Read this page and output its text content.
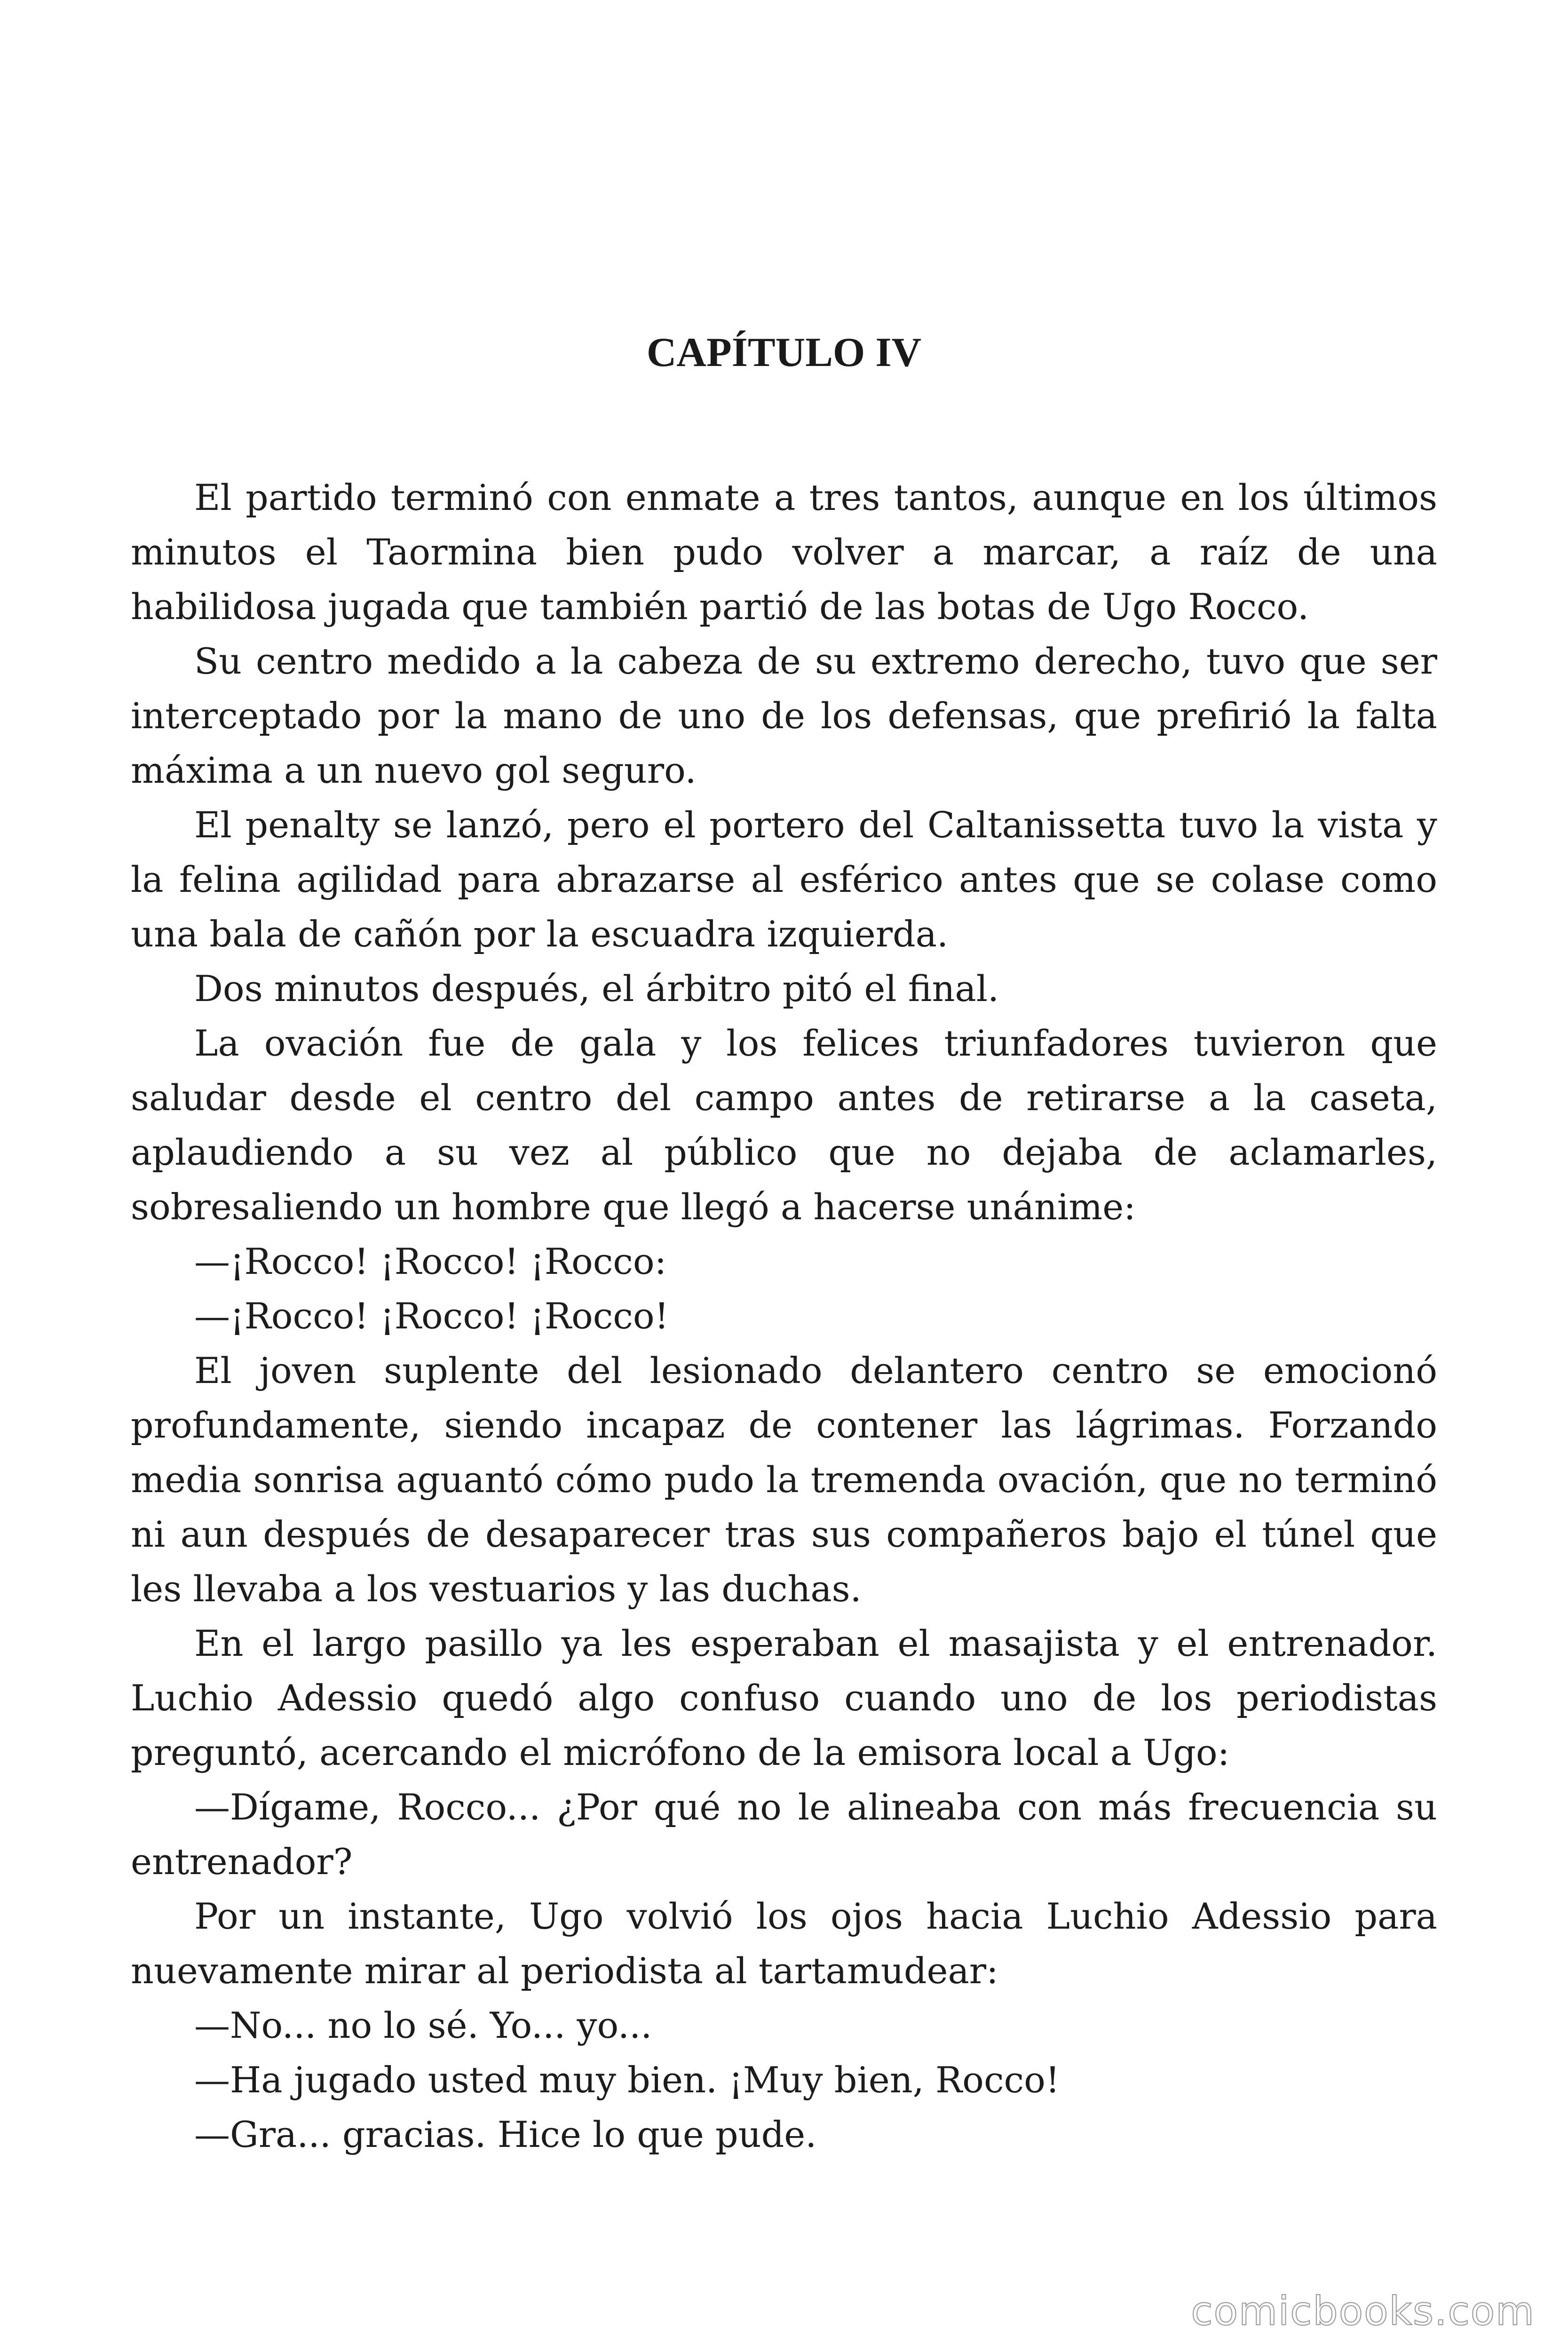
CAPÍTULO IV

El partido terminó con enmate a tres tantos, aunque en los últimos minutos el Taormina bien pudo volver a marcar, a raíz de una habilidosa jugada que también partió de las botas de Ugo Rocco.

Su centro medido a la cabeza de su extremo derecho, tuvo que ser interceptado por la mano de uno de los defensas, que prefirió la falta máxima a un nuevo gol seguro.

El penalty se lanzó, pero el portero del Caltanissetta tuvo la vista y la felina agilidad para abrazarse al esférico antes que se colase como una bala de cañón por la escuadra izquierda.

Dos minutos después, el árbitro pitó el final.

La ovación fue de gala y los felices triunfadores tuvieron que saludar desde el centro del campo antes de retirarse a la caseta, aplaudiendo a su vez al público que no dejaba de aclamarles, sobresaliendo un hombre que llegó a hacerse unánime:

—¡Rocco! ¡Rocco! ¡Rocco:

—¡Rocco! ¡Rocco! ¡Rocco!

El joven suplente del lesionado delantero centro se emocionó profundamente, siendo incapaz de contener las lágrimas. Forzando media sonrisa aguantó cómo pudo la tremenda ovación, que no terminó ni aun después de desaparecer tras sus compañeros bajo el túnel que les llevaba a los vestuarios y las duchas.

En el largo pasillo ya les esperaban el masajista y el entrenador. Luchio Adessio quedó algo confuso cuando uno de los periodistas preguntó, acercando el micrófono de la emisora local a Ugo:

—Dígame, Rocco... ¿Por qué no le alineaba con más frecuencia su entrenador?

Por un instante, Ugo volvió los ojos hacia Luchio Adessio para nuevamente mirar al periodista al tartamudear:

—No... no lo sé. Yo... yo...

—Ha jugado usted muy bien. ¡Muy bien, Rocco!

—Gra... gracias. Hice lo que pude.

comicbooks.com
